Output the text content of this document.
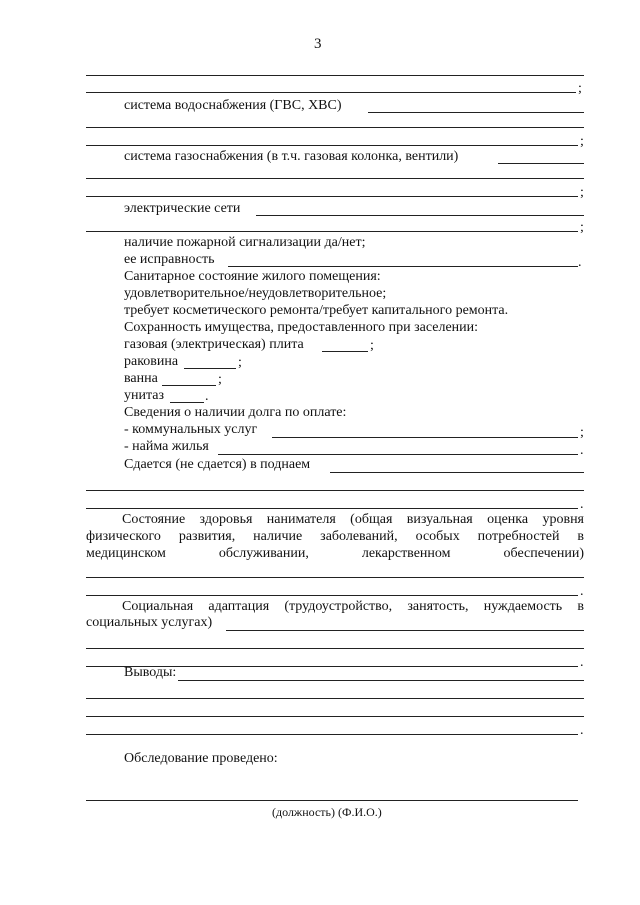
3
;
система водоснабжения (ГВС, ХВС)
;
система газоснабжения (в т.ч. газовая колонка, вентили)
;
электрические сети
;
наличие пожарной сигнализации да/нет;
ее исправность	.
Санитарное состояние жилого помещения:
удовлетворительное/неудовлетворительное;
требует косметического ремонта/требует капитального ремонта.
Сохранность имущества, предоставленного при заселении:
газовая (электрическая) плита	;
раковина	;
ванна	;
унитаз	.
Сведения о наличии долга по оплате:
- коммунальных услуг	;
- найма жилья	.
Сдается (не сдается) в поднаем
.
Состояние здоровья нанимателя (общая визуальная оценка уровня
физического развития, наличие заболеваний, особых потребностей в
медицинском обслуживании, лекарственном обеспечении)
.
Социальная адаптация (трудоустройство, занятость, нуждаемость в
социальных услугах)
.
Выводы:
.
Обследование проведено:
(должность) (Ф.И.О.)
